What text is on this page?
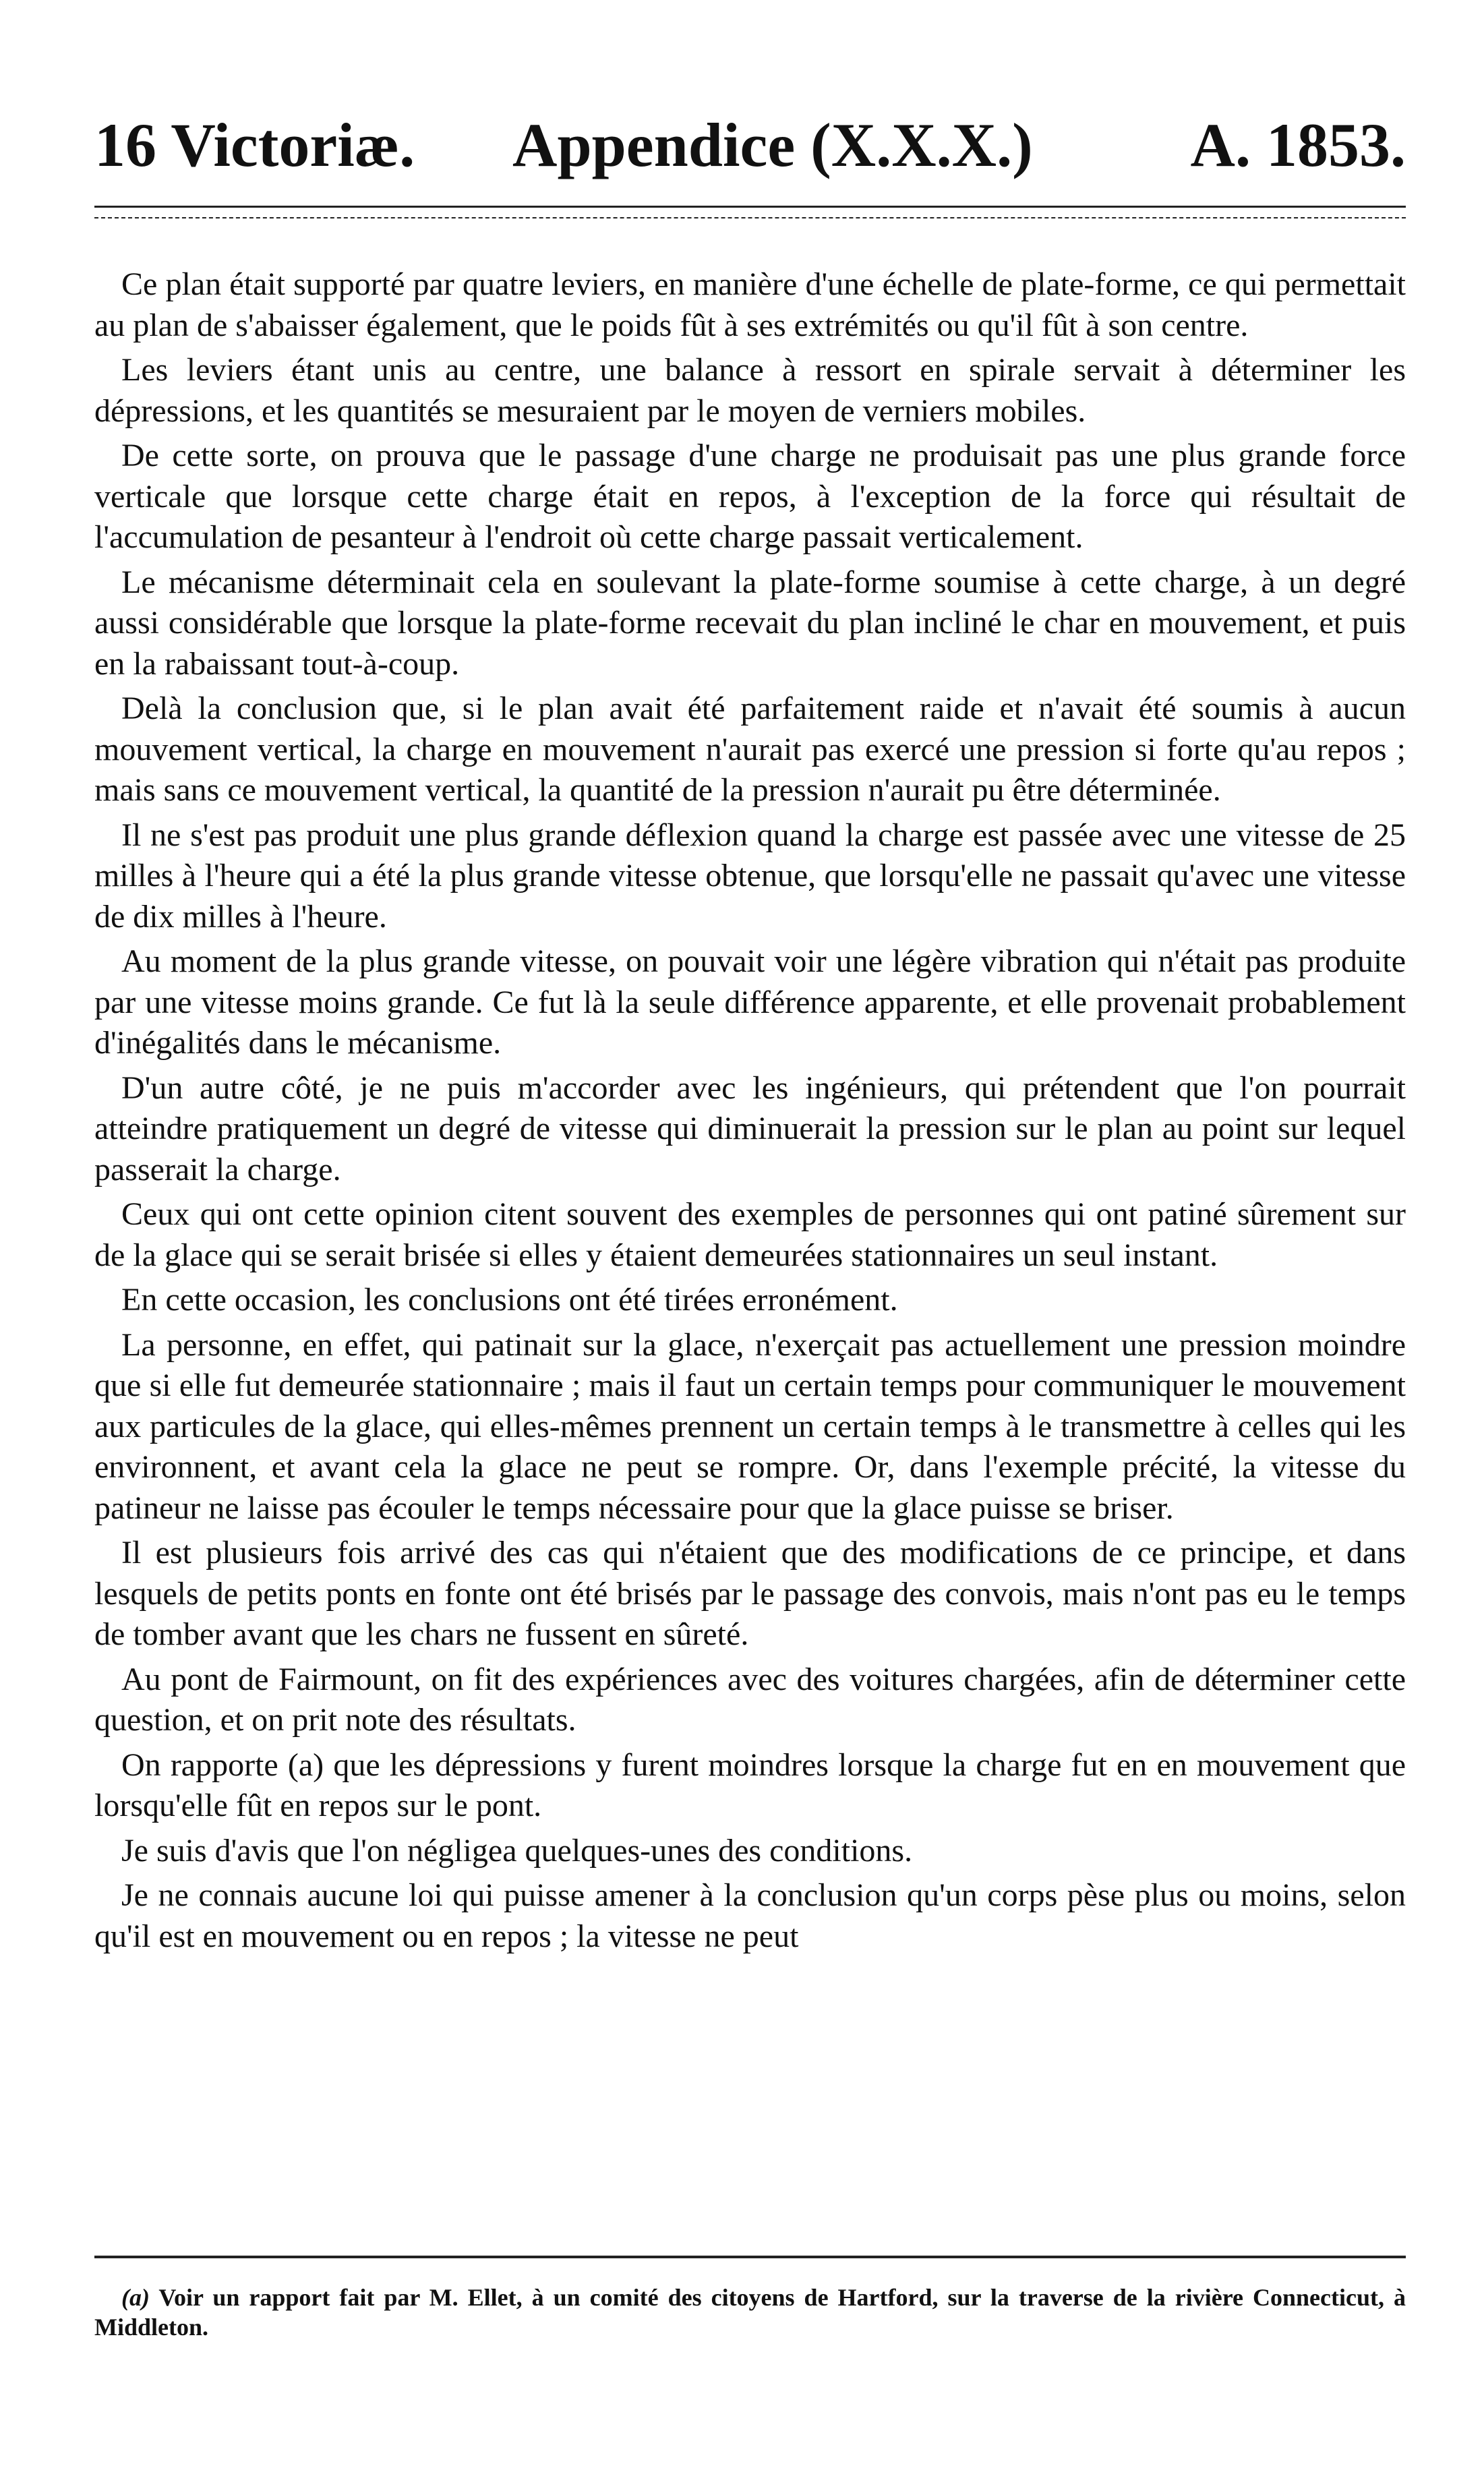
16 Victoriæ. Appendice (X.X.X.)	A. 1853.

Ce plan était supporté par quatre leviers, en manière d'une échelle de plate-forme, ce qui permettait au plan de s'abaisser également, que le poids fût à ses extrémités ou qu'il fût à son centre.

Les leviers étant unis au centre, une balance à ressort en spirale servait à déterminer les dépressions, et les quantités se mesuraient par le moyen de verniers mobiles.

De cette sorte, on prouva que le passage d'une charge ne produisait pas une plus grande force verticale que lorsque cette charge était en repos, à l'exception de la force qui résultait de l'accumulation de pesanteur à l'endroit où cette charge passait verticalement.

Le mécanisme déterminait cela en soulevant la plate-forme soumise à cette charge, à un degré aussi considérable que lorsque la plate-forme recevait du plan incliné le char en mouvement, et puis en la rabaissant tout-à-coup.

Delà la conclusion que, si le plan avait été parfaitement raide et n'avait été soumis à aucun mouvement vertical, la charge en mouvement n'aurait pas exercé une pression si forte qu'au repos ; mais sans ce mouvement vertical, la quantité de la pression n'aurait pu être déterminée.

Il ne s'est pas produit une plus grande déflexion quand la charge est passée avec une vitesse de 25 milles à l'heure qui a été la plus grande vitesse obtenue, que lorsqu'elle ne passait qu'avec une vitesse de dix milles à l'heure.

Au moment de la plus grande vitesse, on pouvait voir une légère vibration qui n'était pas produite par une vitesse moins grande. Ce fut là la seule différence apparente, et elle provenait probablement d'inégalités dans le mécanisme.

D'un autre côté, je ne puis m'accorder avec les ingénieurs, qui prétendent que l'on pourrait atteindre pratiquement un degré de vitesse qui diminuerait la pression sur le plan au point sur lequel passerait la charge.

Ceux qui ont cette opinion citent souvent des exemples de personnes qui ont patiné sûrement sur de la glace qui se serait brisée si elles y étaient demeurées stationnaires un seul instant.

En cette occasion, les conclusions ont été tirées erronément.

La personne, en effet, qui patinait sur la glace, n'exerçait pas actuellement une pression moindre que si elle fut demeurée stationnaire ; mais il faut un certain temps pour communiquer le mouvement aux particules de la glace, qui elles-mêmes prennent un certain temps à le transmettre à celles qui les environnent, et avant cela la glace ne peut se rompre. Or, dans l'exemple précité, la vitesse du patineur ne laisse pas écouler le temps nécessaire pour que la glace puisse se briser.

Il est plusieurs fois arrivé des cas qui n'étaient que des modifications de ce principe, et dans lesquels de petits ponts en fonte ont été brisés par le passage des convois, mais n'ont pas eu le temps de tomber avant que les chars ne fussent en sûreté.

Au pont de Fairmount, on fit des expériences avec des voitures chargées, afin de déterminer cette question, et on prit note des résultats.

On rapporte (a) que les dépressions y furent moindres lorsque la charge fut en en mouvement que lorsqu'elle fût en repos sur le pont.

Je suis d'avis que l'on négligea quelques-unes des conditions.

Je ne connais aucune loi qui puisse amener à la conclusion qu'un corps pèse plus ou moins, selon qu'il est en mouvement ou en repos ; la vitesse ne peut

(a) Voir un rapport fait par M. Ellet, à un comité des citoyens de Hartford, sur la traverse de la rivière Connecticut, à Middleton.
